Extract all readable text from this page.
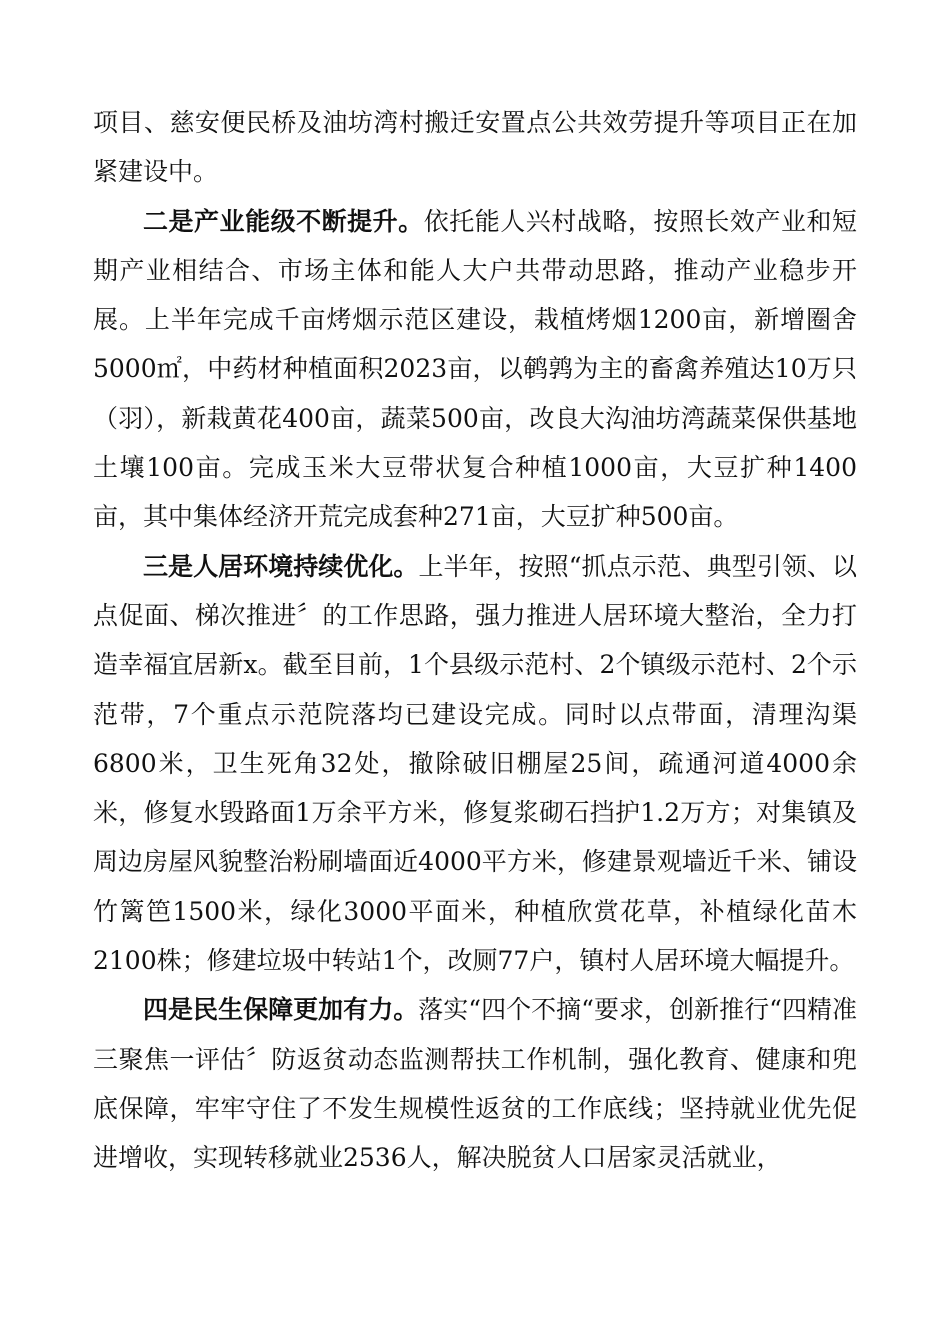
项目、慈安便民桥及油坊湾村搬迁安置点公共效劳提升等项目正在加紧建设中。

二是产业能级不断提升。依托能人兴村战略，按照长效产业和短期产业相结合、市场主体和能人大户共带动思路，推动产业稳步开展。上半年完成千亩烤烟示范区建设，栽植烤烟1200亩，新增圈舍5000㎡，中药材种植面积2023亩，以鹌鹑为主的畜禽养殖达10万只（羽），新栽黄花400亩，蔬菜500亩，改良大沟油坊湾蔬菜保供基地土壤100亩。完成玉米大豆带状复合种植1000亩，大豆扩种1400亩，其中集体经济开荒完成套种271亩，大豆扩种500亩。

三是人居环境持续优化。上半年，按照“抓点示范、典型引领、以点促面、梯次推进〞的工作思路，强力推进人居环境大整治，全力打造幸福宜居新x。截至目前，1个县级示范村、2个镇级示范村、2个示范带，7个重点示范院落均已建设完成。同时以点带面，清理沟渠6800米，卫生死角32处，撤除破旧棚屋25间，疏通河道4000余米，修复水毁路面1万余平方米，修复浆砌石挡护1.2万方；对集镇及周边房屋风貌整治粉刷墙面近4000平方米，修建景观墙近千米、铺设竹篱笆1500米，绿化3000平面米，种植欣赏花草，补植绿化苗木2100株；修建垃圾中转站1个，改厕77户，镇村人居环境大幅提升。

四是民生保障更加有力。落实“四个不摘“要求，创新推行“四精准三聚焦一评估〞防返贫动态监测帮扶工作机制，强化教育、健康和兜底保障，牢牢守住了不发生规模性返贫的工作底线；坚持就业优先促进增收，实现转移就业2536人，解决脱贫人口居家灵活就业，
